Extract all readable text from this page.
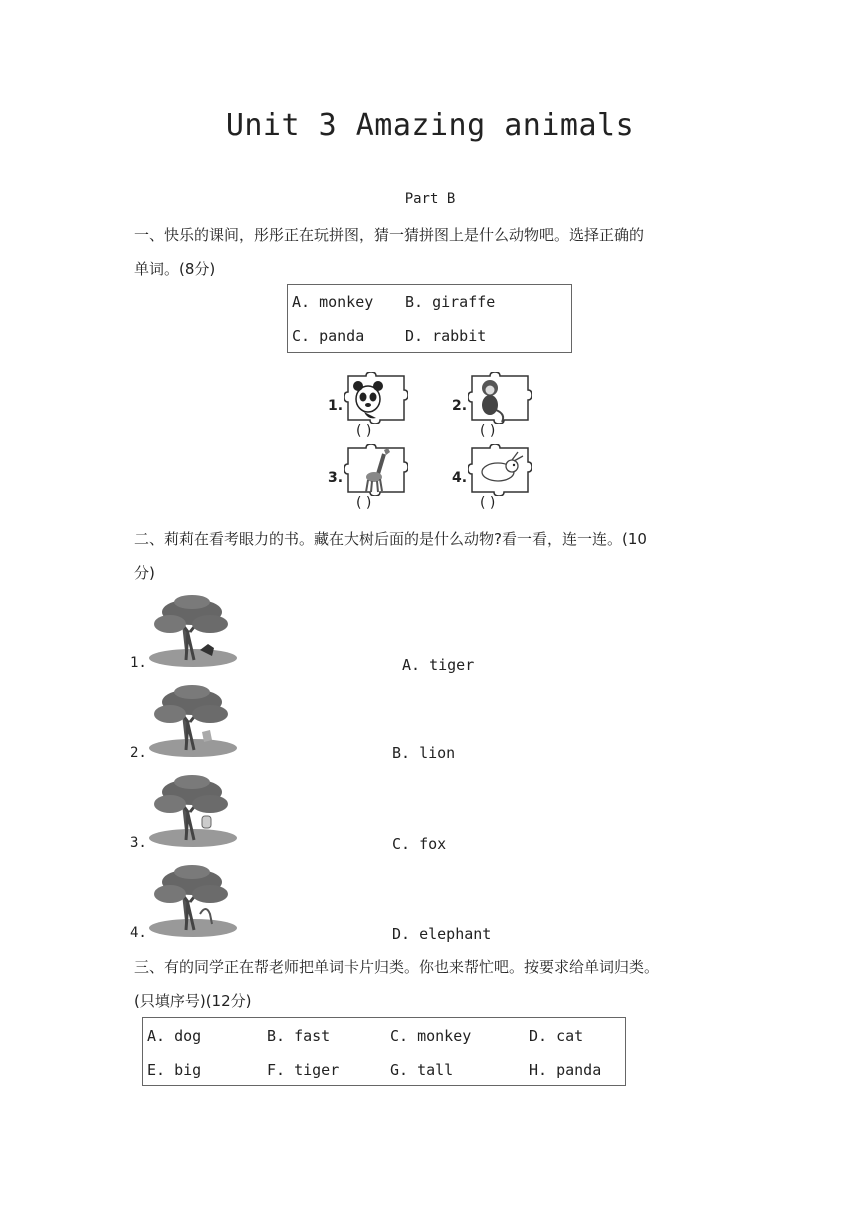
Unit 3 Amazing animals
Part B
一、快乐的课间，彤彤正在玩拼图，猜一猜拼图上是什么动物吧。选择正确的
单词。(8分)
A. monkey B. giraffe
C. panda	D. rabbit
1.
( )
2.
( )
3.
( )
4.
( )
二、莉莉在看考眼力的书。藏在大树后面的是什么动物?看一看，连一连。(10
分)
1.	A. tiger
2.	B. lion
3.	C. fox
4.	D. elephant
三、有的同学正在帮老师把单词卡片归类。你也来帮忙吧。按要求给单词归类。
(只填序号)(12分)
A. dog	B. fast	C. monkey	D. cat
E. big	F. tiger	G. tall	H. panda
